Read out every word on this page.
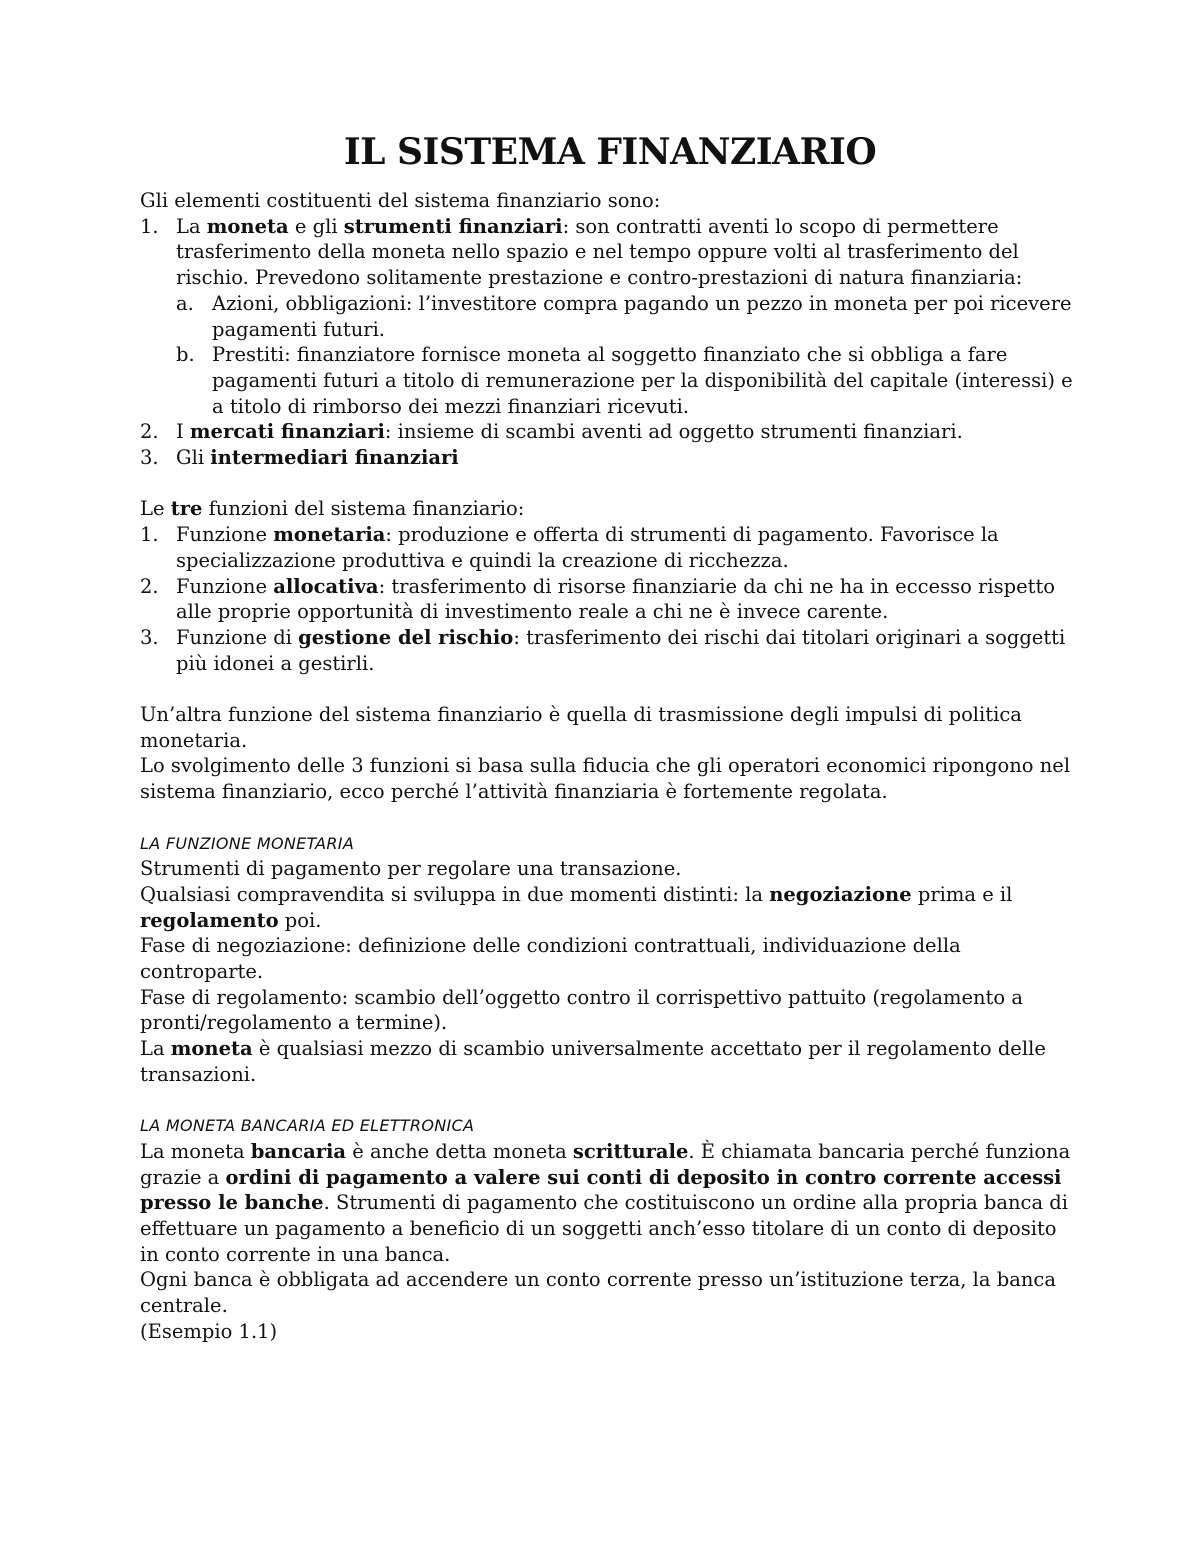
IL SISTEMA FINANZIARIO

Gli elementi costituenti del sistema finanziario sono:

1. La moneta e gli strumenti finanziari: son contratti aventi lo scopo di permettere trasferimento della moneta nello spazio e nel tempo oppure volti al trasferimento del rischio. Prevedono solitamente prestazione e contro-prestazioni di natura finanziaria:
a. Azioni, obbligazioni: l’investitore compra pagando un pezzo in moneta per poi ricevere pagamenti futuri.
b. Prestiti: finanziatore fornisce moneta al soggetto finanziato che si obbliga a fare pagamenti futuri a titolo di remunerazione per la disponibilità del capitale (interessi) e a titolo di rimborso dei mezzi finanziari ricevuti.
2. I mercati finanziari: insieme di scambi aventi ad oggetto strumenti finanziari.
3. Gli intermediari finanziari

Le tre funzioni del sistema finanziario:

1. Funzione monetaria: produzione e offerta di strumenti di pagamento. Favorisce la specializzazione produttiva e quindi la creazione di ricchezza.
2. Funzione allocativa: trasferimento di risorse finanziarie da chi ne ha in eccesso rispetto alle proprie opportunità di investimento reale a chi ne è invece carente.
3. Funzione di gestione del rischio: trasferimento dei rischi dai titolari originari a soggetti più idonei a gestirli.

Un’altra funzione del sistema finanziario è quella di trasmissione degli impulsi di politica monetaria.

Lo svolgimento delle 3 funzioni si basa sulla fiducia che gli operatori economici ripongono nel sistema finanziario, ecco perché l’attività finanziaria è fortemente regolata.

LA FUNZIONE MONETARIA

Strumenti di pagamento per regolare una transazione.

Qualsiasi compravendita si sviluppa in due momenti distinti: la negoziazione prima e il regolamento poi.

Fase di negoziazione: definizione delle condizioni contrattuali, individuazione della controparte.

Fase di regolamento: scambio dell’oggetto contro il corrispettivo pattuito (regolamento a pronti/regolamento a termine).

La moneta è qualsiasi mezzo di scambio universalmente accettato per il regolamento delle transazioni.

LA MONETA BANCARIA ED ELETTRONICA

La moneta bancaria è anche detta moneta scritturale. È chiamata bancaria perché funziona grazie a ordini di pagamento a valere sui conti di deposito in contro corrente accessi presso le banche. Strumenti di pagamento che costituiscono un ordine alla propria banca di effettuare un pagamento a beneficio di un soggetti anch’esso titolare di un conto di deposito in conto corrente in una banca.

Ogni banca è obbligata ad accendere un conto corrente presso un’istituzione terza, la banca centrale.

(Esempio 1.1)
